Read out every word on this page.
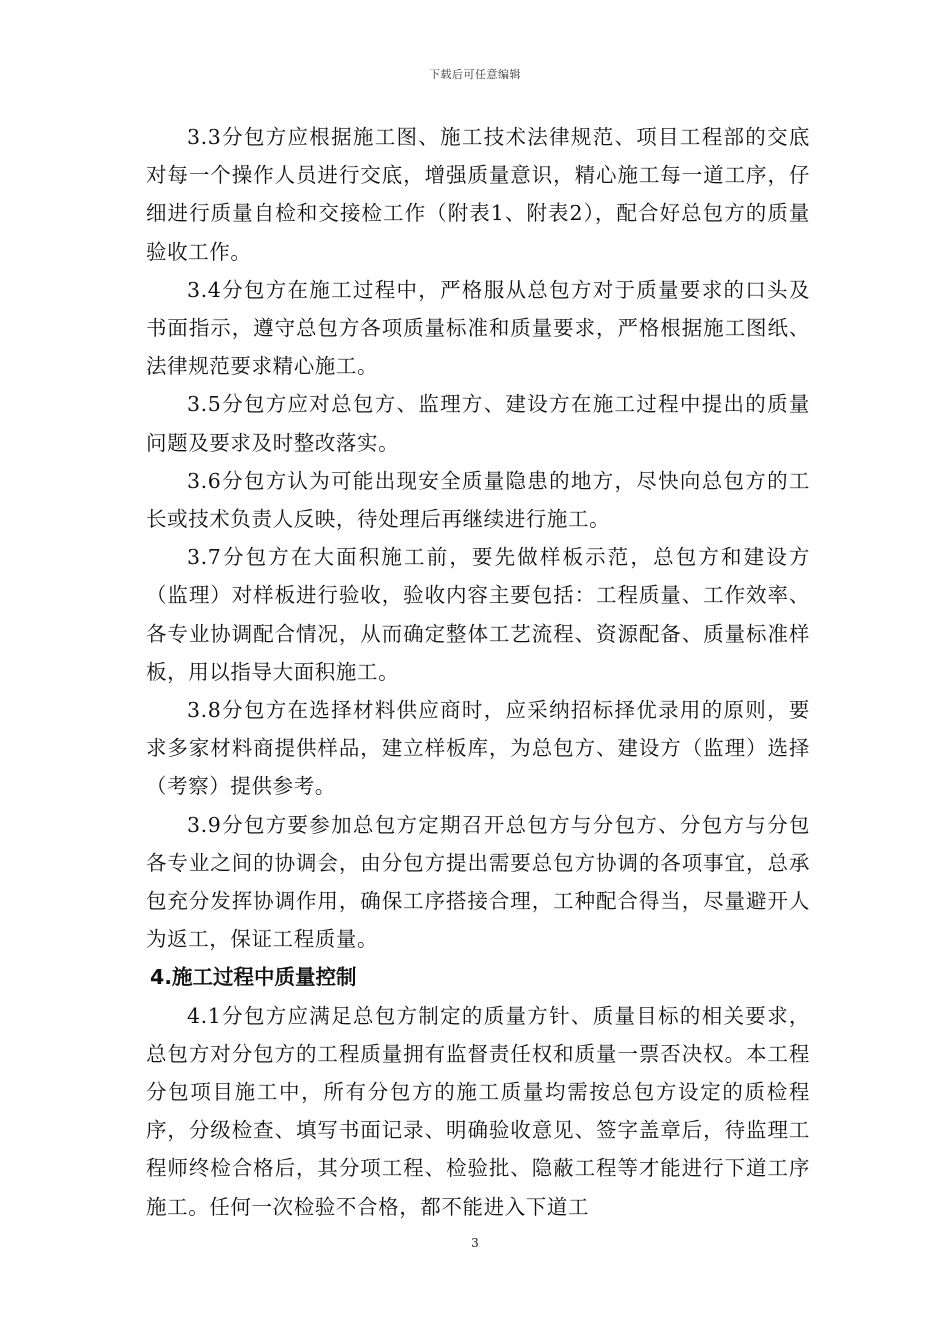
下载后可任意编辑

3.3分包方应根据施工图、施工技术法律规范、项目工程部的交底对每一个操作人员进行交底，增强质量意识，精心施工每一道工序，仔细进行质量自检和交接检工作（附表1、附表2），配合好总包方的质量验收工作。

3.4分包方在施工过程中，严格服从总包方对于质量要求的口头及书面指示，遵守总包方各项质量标准和质量要求，严格根据施工图纸、法律规范要求精心施工。

3.5分包方应对总包方、监理方、建设方在施工过程中提出的质量问题及要求及时整改落实。

3.6分包方认为可能出现安全质量隐患的地方，尽快向总包方的工长或技术负责人反映，待处理后再继续进行施工。

3.7分包方在大面积施工前，要先做样板示范，总包方和建设方（监理）对样板进行验收，验收内容主要包括：工程质量、工作效率、各专业协调配合情况，从而确定整体工艺流程、资源配备、质量标准样板，用以指导大面积施工。

3.8分包方在选择材料供应商时，应采纳招标择优录用的原则，要求多家材料商提供样品，建立样板库，为总包方、建设方（监理）选择（考察）提供参考。

3.9分包方要参加总包方定期召开总包方与分包方、分包方与分包各专业之间的协调会，由分包方提出需要总包方协调的各项事宜，总承包充分发挥协调作用，确保工序搭接合理，工种配合得当，尽量避开人为返工，保证工程质量。

4.施工过程中质量控制

4.1分包方应满足总包方制定的质量方针、质量目标的相关要求，总包方对分包方的工程质量拥有监督责任权和质量一票否决权。本工程分包项目施工中，所有分包方的施工质量均需按总包方设定的质检程序，分级检查、填写书面记录、明确验收意见、签字盖章后，待监理工程师终检合格后，其分项工程、检验批、隐蔽工程等才能进行下道工序施工。任何一次检验不合格，都不能进入下道工

3
